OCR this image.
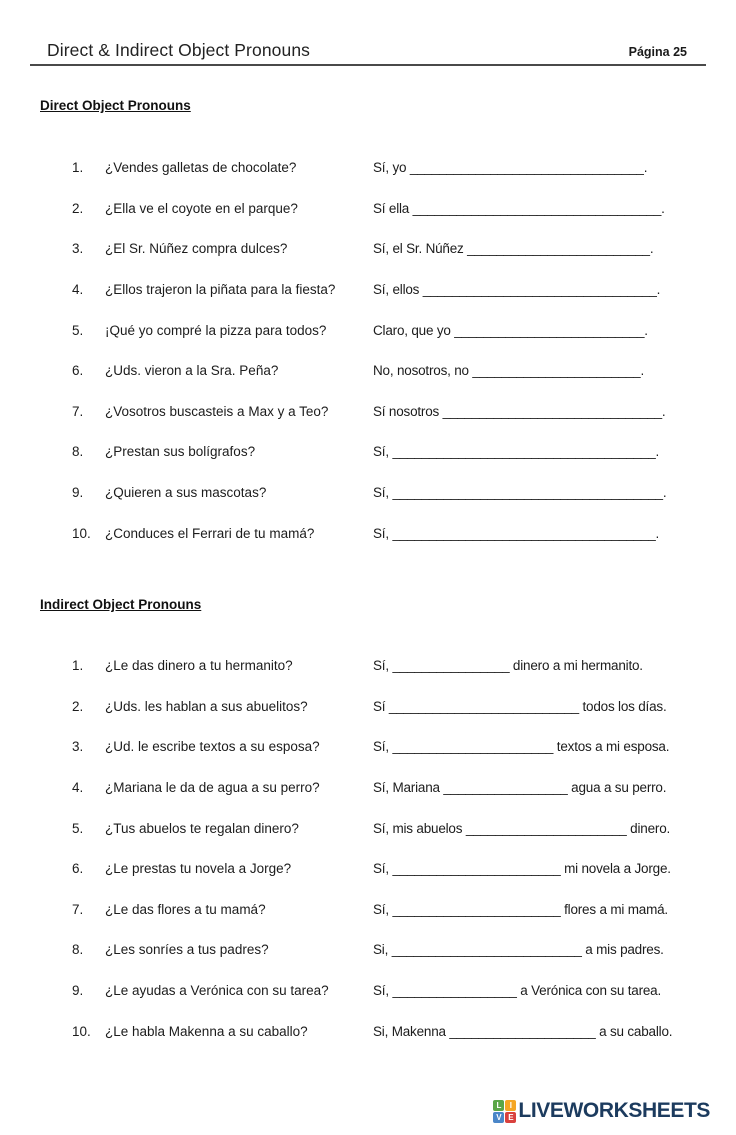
Direct & Indirect Object Pronouns	Página 25
Direct Object Pronouns
1.	¿Vendes galletas de chocolate?	Sí, yo ________________________________.
2.	¿Ella ve el coyote en el parque?	Sí ella __________________________________.
3.	¿El Sr. Núñez compra dulces?	Sí, el Sr. Núñez _________________________.
4.	¿Ellos trajeron la piñata para la fiesta?	Sí, ellos ________________________________.
5.	¡Qué yo compré la pizza para todos?	Claro, que yo __________________________.
6.	¿Uds. vieron a la Sra. Peña?	No, nosotros, no _______________________.
7.	¿Vosotros buscasteis a Max y a Teo?	Sí nosotros ______________________________.
8.	¿Prestan sus bolígrafos?	Sí, ____________________________________.
9.	¿Quieren a sus mascotas?	Sí, _____________________________________.
10.	¿Conduces el Ferrari de tu mamá?	Sí, ____________________________________.
Indirect Object Pronouns
1.	¿Le das dinero a tu hermanito?	Sí, ________________ dinero a mi hermanito.
2.	¿Uds. les hablan a sus abuelitos?	Sí __________________________ todos los días.
3.	¿Ud. le escribe textos a su esposa?	Sí, ______________________ textos a mi esposa.
4.	¿Mariana le da de agua a su perro?	Sí, Mariana _________________ agua a su perro.
5.	¿Tus abuelos te regalan dinero?	Sí, mis abuelos ______________________ dinero.
6.	¿Le prestas tu novela a Jorge?	Sí, _______________________ mi novela a Jorge.
7.	¿Le das flores a tu mamá?	Sí, _______________________ flores a mi mamá.
8.	¿Les sonríes a tus padres?	Si, __________________________ a mis padres.
9.	¿Le ayudas a Verónica con su tarea?	Sí, _________________ a Verónica con su tarea.
10.	¿Le habla Makenna a su caballo?	Si, Makenna ____________________ a su caballo.
L	I
V E LIVEWORKSHEETS
